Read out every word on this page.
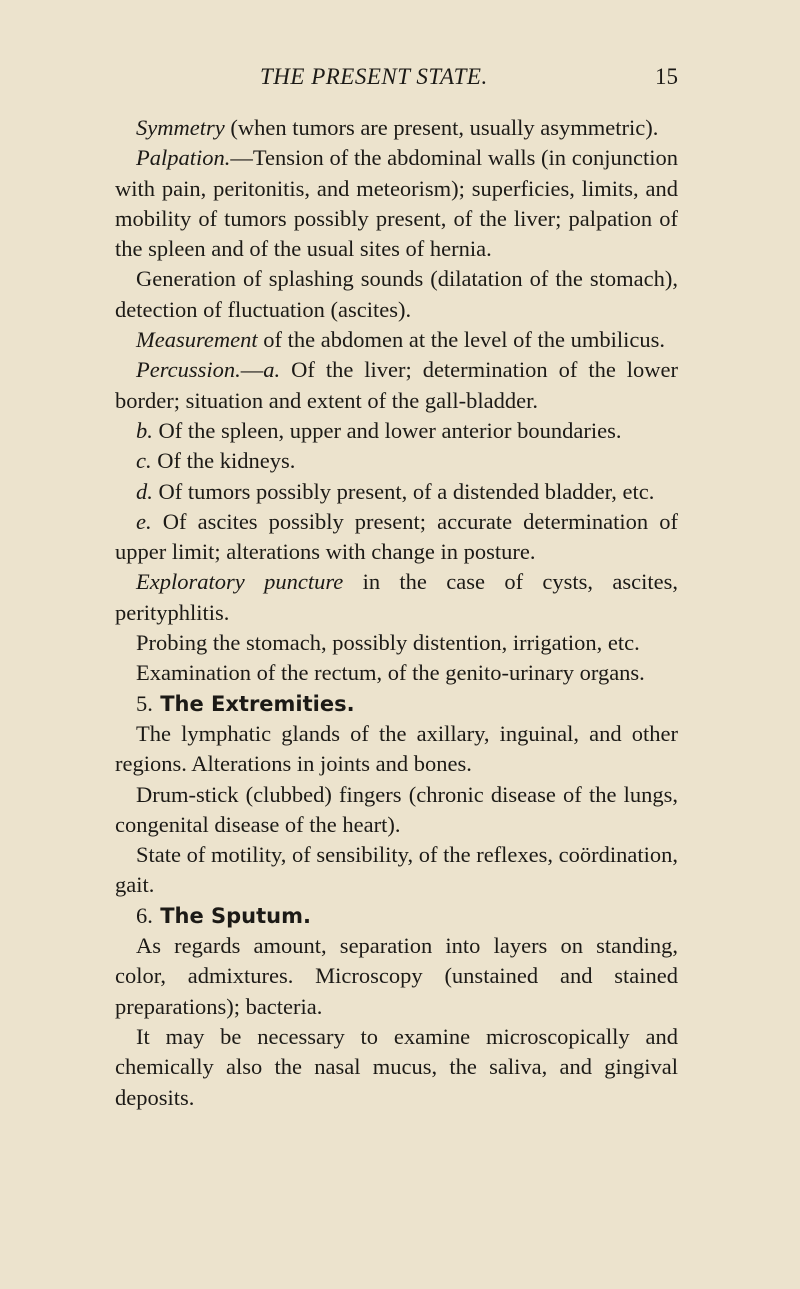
THE PRESENT STATE.	15

Symmetry (when tumors are present, usually asymmetric).

Palpation.—Tension of the abdominal walls (in conjunction with pain, peritonitis, and meteorism); superficies, limits, and mobility of tumors possibly present, of the liver; palpation of the spleen and of the usual sites of hernia.

Generation of splashing sounds (dilatation of the stomach), detection of fluctuation (ascites).

Measurement of the abdomen at the level of the umbilicus.

Percussion.—a. Of the liver; determination of the lower border; situation and extent of the gall-bladder.

b. Of the spleen, upper and lower anterior boundaries.

c. Of the kidneys.

d. Of tumors possibly present, of a distended bladder, etc.

e. Of ascites possibly present; accurate determination of upper limit; alterations with change in posture.

Exploratory puncture in the case of cysts, ascites, perityphlitis.

Probing the stomach, possibly distention, irrigation, etc.

Examination of the rectum, of the genito-urinary organs.

5. The Extremities.

The lymphatic glands of the axillary, inguinal, and other regions. Alterations in joints and bones.

Drum-stick (clubbed) fingers (chronic disease of the lungs, congenital disease of the heart).

State of motility, of sensibility, of the reflexes, coördination, gait.

6. The Sputum.

As regards amount, separation into layers on standing, color, admixtures. Microscopy (unstained and stained preparations); bacteria.

It may be necessary to examine microscopically and chemically also the nasal mucus, the saliva, and gingival deposits.
